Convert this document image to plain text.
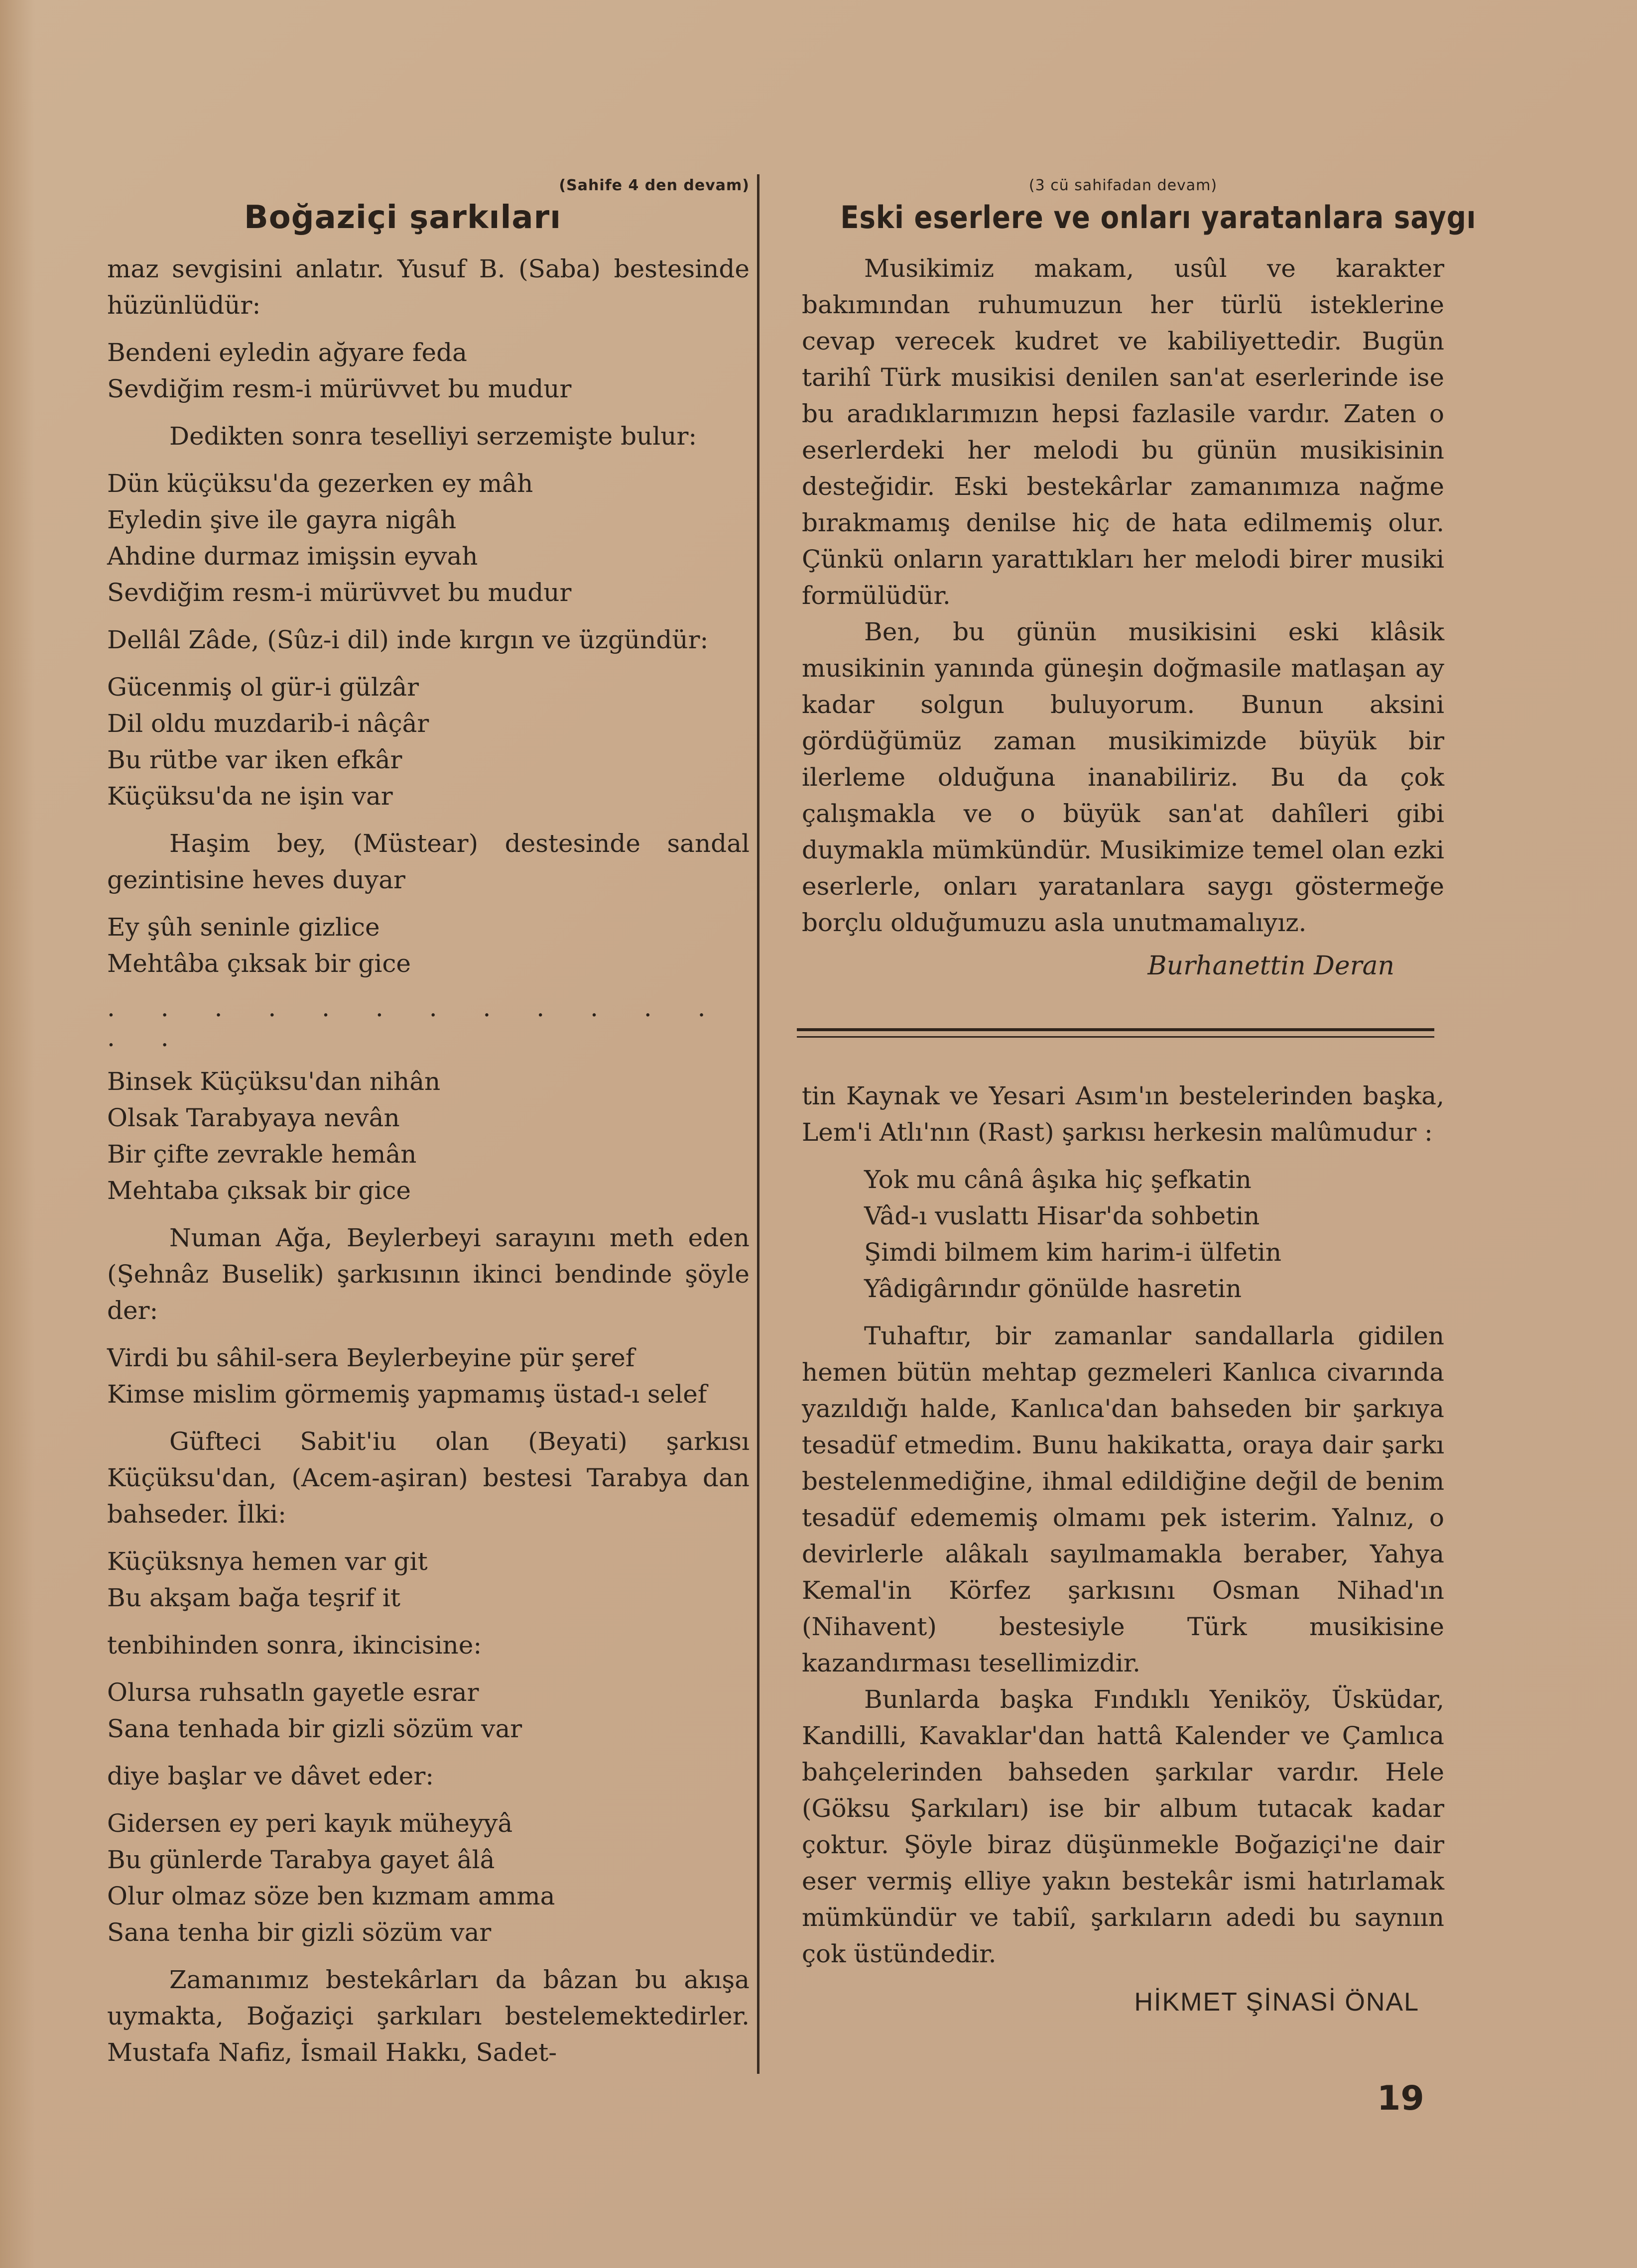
(Sahife 4 den devam)
Boğaziçi şarkıları

maz sevgisini anlatır. Yusuf B. (Saba) bestesinde hüzünlüdür:

Bendeni eyledin ağyare feda
Sevdiğim resm-i mürüvvet bu mudur

Dedikten sonra teselliyi serzemişte bulur:

Dün küçüksu'da gezerken ey mâh
Eyledin şive ile gayra nigâh
Ahdine durmaz imişsin eyvah
Sevdiğim resm-i mürüvvet bu mudur

Dellâl Zâde, (Sûz-i dil) inde kırgın ve üzgündür:

Gücenmiş ol gür-i gülzâr
Dil oldu muzdarib-i nâçâr
Bu rütbe var iken efkâr
Küçüksu'da ne işin var

Haşim bey, (Müstear) destesinde sandal gezintisine heves duyar

Ey şûh seninle gizlice
Mehtâba çıksak bir gice
. . . . . . . . . . . . . .
Binsek Küçüksu'dan nihân
Olsak Tarabyaya nevân
Bir çifte zevrakle hemân
Mehtaba çıksak bir gice

Numan Ağa, Beylerbeyi sarayını meth eden (Şehnâz Buselik) şarkısının ikinci bendinde şöyle der:

Virdi bu sâhil-sera Beylerbeyine pür şeref
Kimse mislim görmemiş yapmamış üstad-ı selef

Güfteci Sabit'iu olan (Beyati) şarkısı Küçüksu'dan, (Acem-aşiran) bestesi Tarabya dan bahseder. İlki:

Küçüksnya hemen var git
Bu akşam bağa teşrif it

tenbihinden sonra, ikincisine:

Olursa ruhsatln gayetle esrar
Sana tenhada bir gizli sözüm var

diye başlar ve dâvet eder:

Gidersen ey peri kayık müheyyâ
Bu günlerde Tarabya gayet âlâ
Olur olmaz söze ben kızmam amma
Sana tenha bir gizli sözüm var

Zamanımız bestekârları da bâzan bu akışa uymakta, Boğaziçi şarkıları bestelemektedirler. Mustafa Nafiz, İsmail Hakkı, Sadet-

(3 cü sahifadan devam)
Eski eserlere ve onları yaratanlara saygı

Musikimiz makam, usûl ve karakter bakımından ruhumuzun her türlü isteklerine cevap verecek kudret ve kabiliyettedir. Bugün tarihî Türk musikisi denilen san'at eserlerinde ise bu aradıklarımızın hepsi fazlasile vardır. Zaten o eserlerdeki her melodi bu günün musikisinin desteğidir. Eski bestekârlar zamanımıza nağme bırakmamış denilse hiç de hata edilmemiş olur. Çünkü onların yarattıkları her melodi birer musiki formülüdür.

Ben, bu günün musikisini eski klâsik musikinin yanında güneşin doğmasile matlaşan ay kadar solgun buluyorum. Bunun aksini gördüğümüz zaman musikimizde büyük bir ilerleme olduğuna inanabiliriz. Bu da çok çalışmakla ve o büyük san'at dahîleri gibi duymakla mümkündür. Musikimize temel olan ezki eserlerle, onları yaratanlara saygı göstermeğe borçlu olduğumuzu asla unutmamalıyız.

Burhanettin Deran

tin Kaynak ve Yesari Asım'ın bestelerinden başka, Lem'i Atlı'nın (Rast) şarkısı herkesin malûmudur :

Yok mu cânâ âşıka hiç şefkatin
Vâd-ı vuslattı Hisar'da sohbetin
Şimdi bilmem kim harim-i ülfetin
Yâdigârındır gönülde hasretin

Tuhaftır, bir zamanlar sandallarla gidilen hemen bütün mehtap gezmeleri Kanlıca civarında yazıldığı halde, Kanlıca'dan bahseden bir şarkıya tesadüf etmedim. Bunu hakikatta, oraya dair şarkı bestelenmediğine, ihmal edildiğine değil de benim tesadüf edememiş olmamı pek isterim. Yalnız, o devirlerle alâkalı sayılmamakla beraber, Yahya Kemal'in Körfez şarkısını Osman Nihad'ın (Nihavent) bestesiyle Türk musikisine kazandırması tesellimizdir.

Bunlarda başka Fındıklı Yeniköy, Üsküdar, Kandilli, Kavaklar'dan hattâ Kalender ve Çamlıca bahçelerinden bahseden şarkılar vardır. Hele (Göksu Şarkıları) ise bir album tutacak kadar çoktur. Şöyle biraz düşünmekle Boğaziçi'ne dair eser vermiş elliye yakın bestekâr ismi hatırlamak mümkündür ve tabiî, şarkıların adedi bu saynıın çok üstündedir.

HİKMET ŞİNASİ ÖNAL
19
